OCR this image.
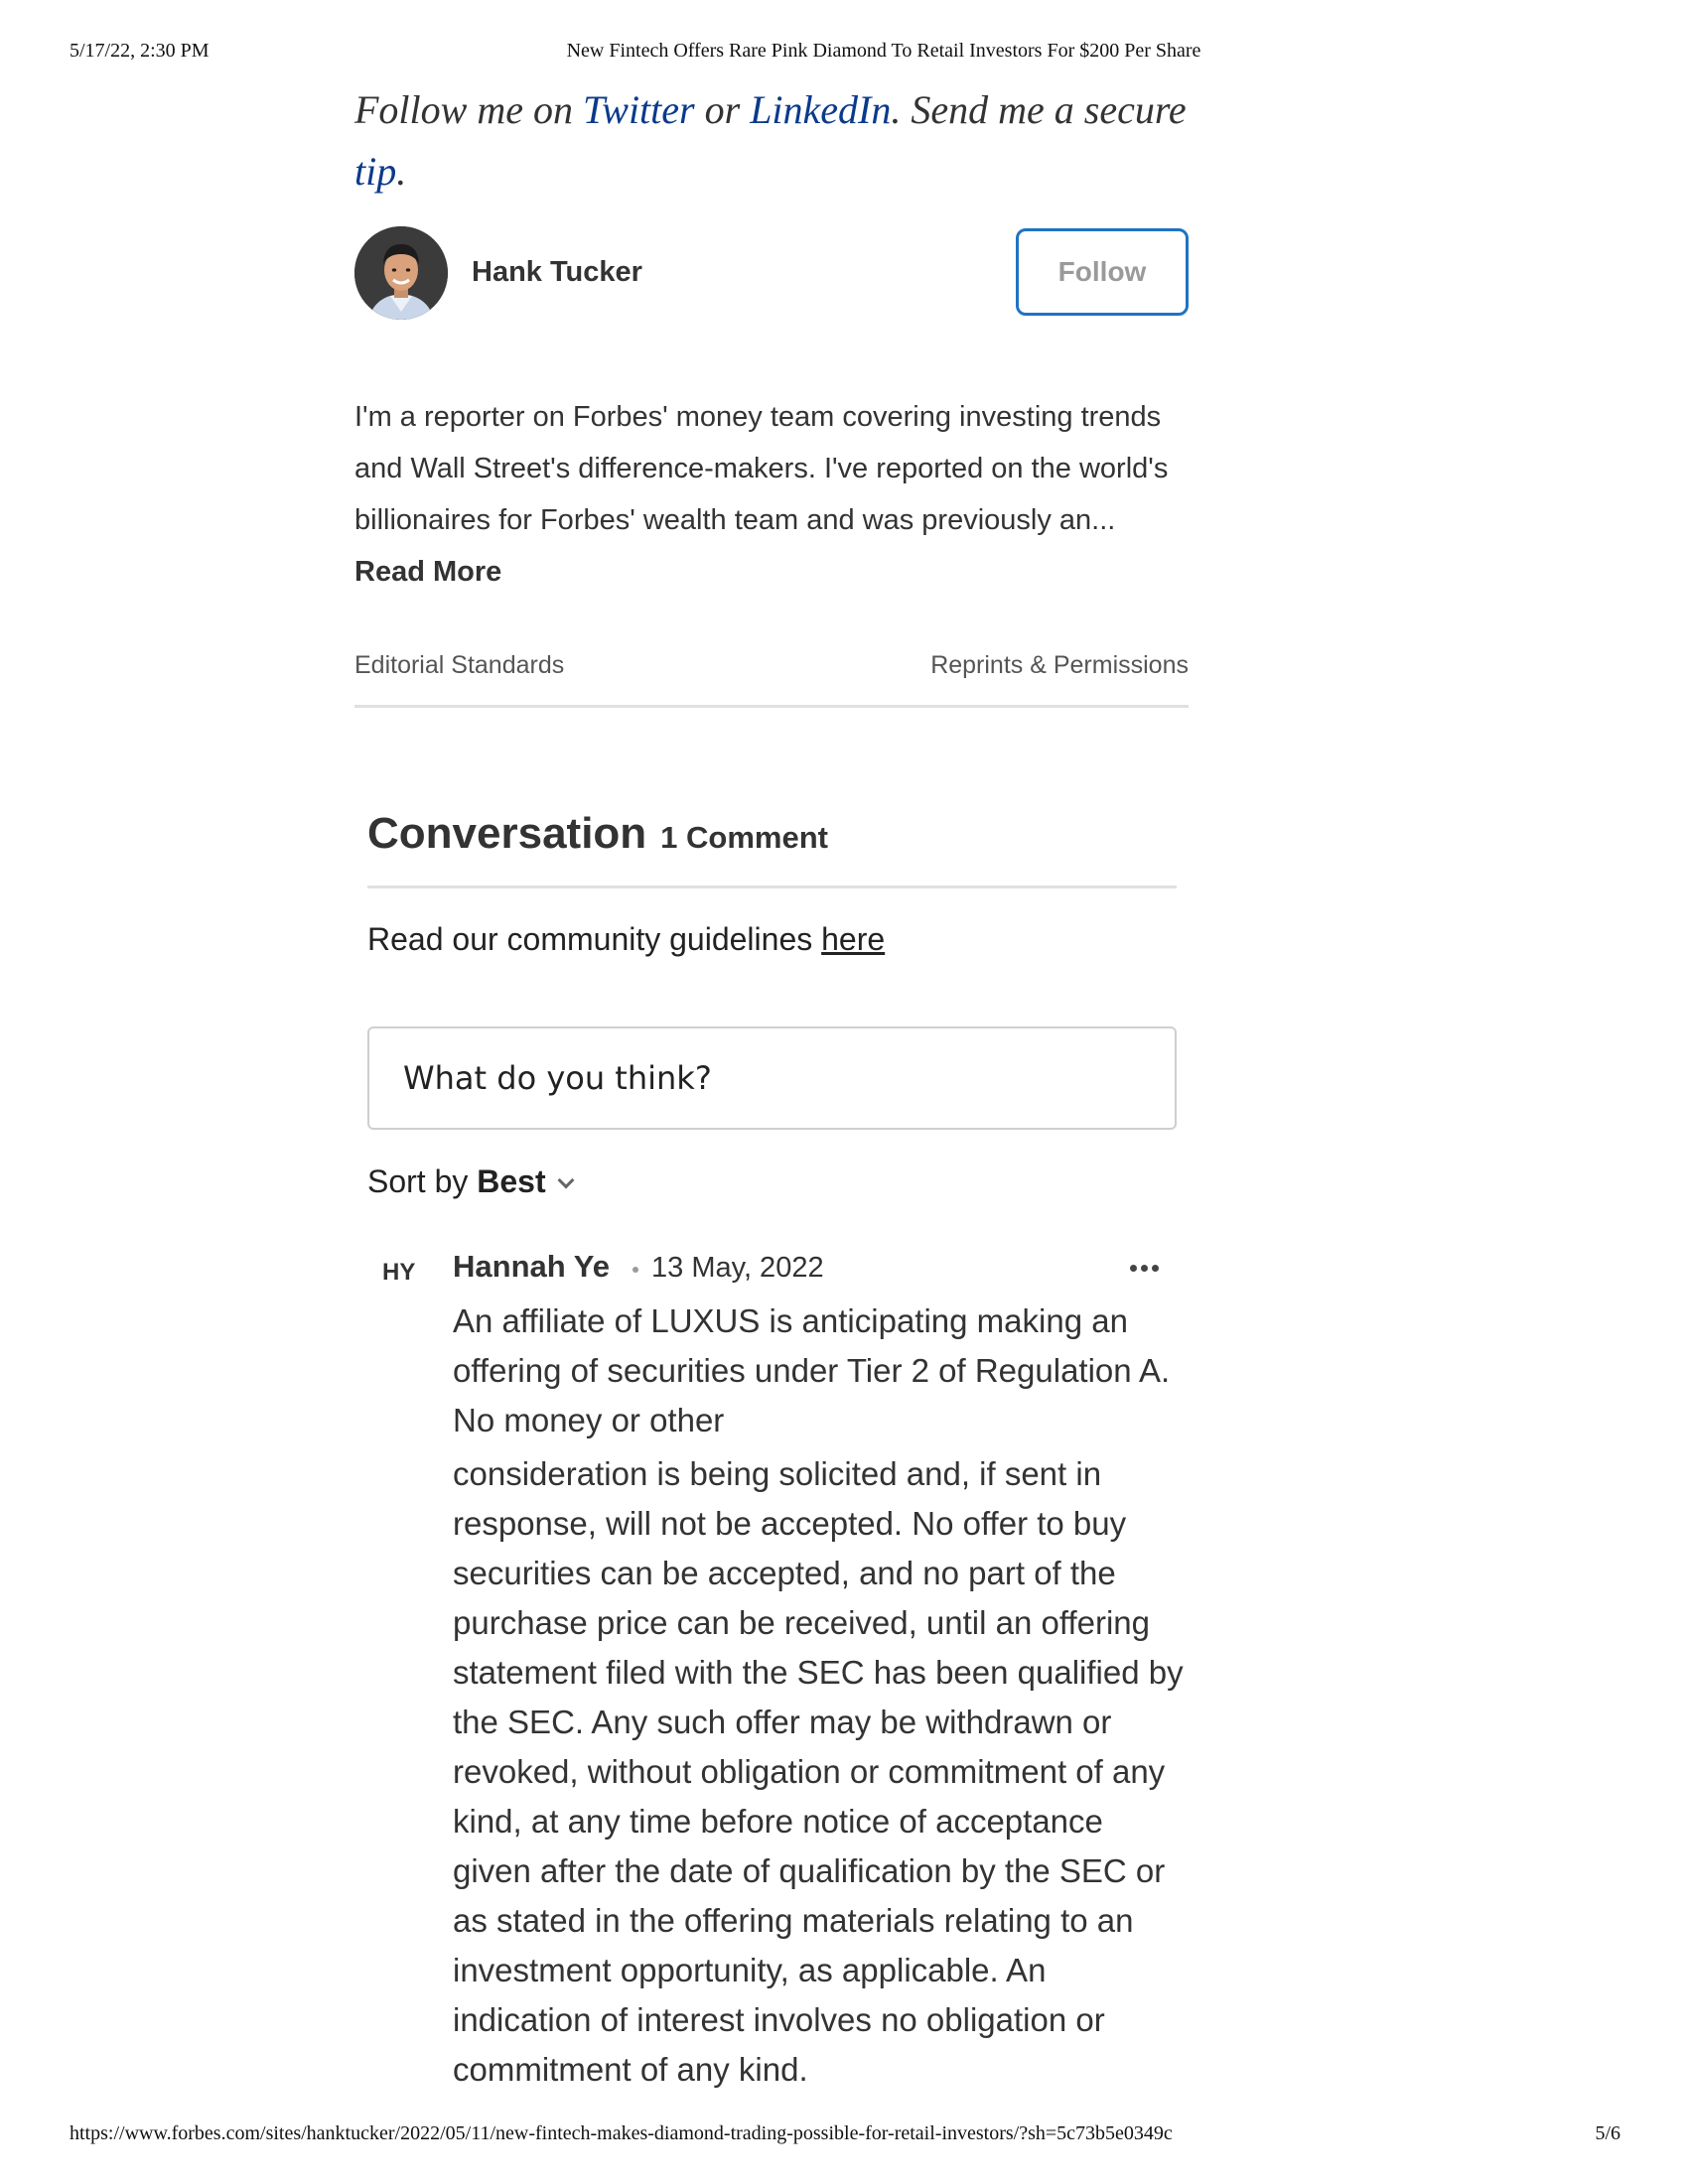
5/17/22, 2:30 PM	New Fintech Offers Rare Pink Diamond To Retail Investors For $200 Per Share
Follow me on Twitter or LinkedIn. Send me a secure tip.
Hank Tucker	Follow
I'm a reporter on Forbes' money team covering investing trends and Wall Street's difference-makers. I've reported on the world's billionaires for Forbes' wealth team and was previously an... Read More
Editorial Standards	Reprints & Permissions
Conversation 1 Comment
Read our community guidelines here
What do you think?
Sort by Best
HY Hannah Ye 13 May, 2022

An affiliate of LUXUS is anticipating making an offering of securities under Tier 2 of Regulation A. No money or other

consideration is being solicited and, if sent in response, will not be accepted. No offer to buy securities can be accepted, and no part of the purchase price can be received, until an offering statement filed with the SEC has been qualified by the SEC. Any such offer may be withdrawn or revoked, without obligation or commitment of any kind, at any time before notice of acceptance given after the date of qualification by the SEC or as stated in the offering materials relating to an investment opportunity, as applicable. An indication of interest involves no obligation or commitment of any kind.

https://www.forbes.com/sites/hanktucker/2022/05/11/new-fintech-makes-diamond-trading-possible-for-retail-investors/?sh=5c73b5e0349c	5/6
